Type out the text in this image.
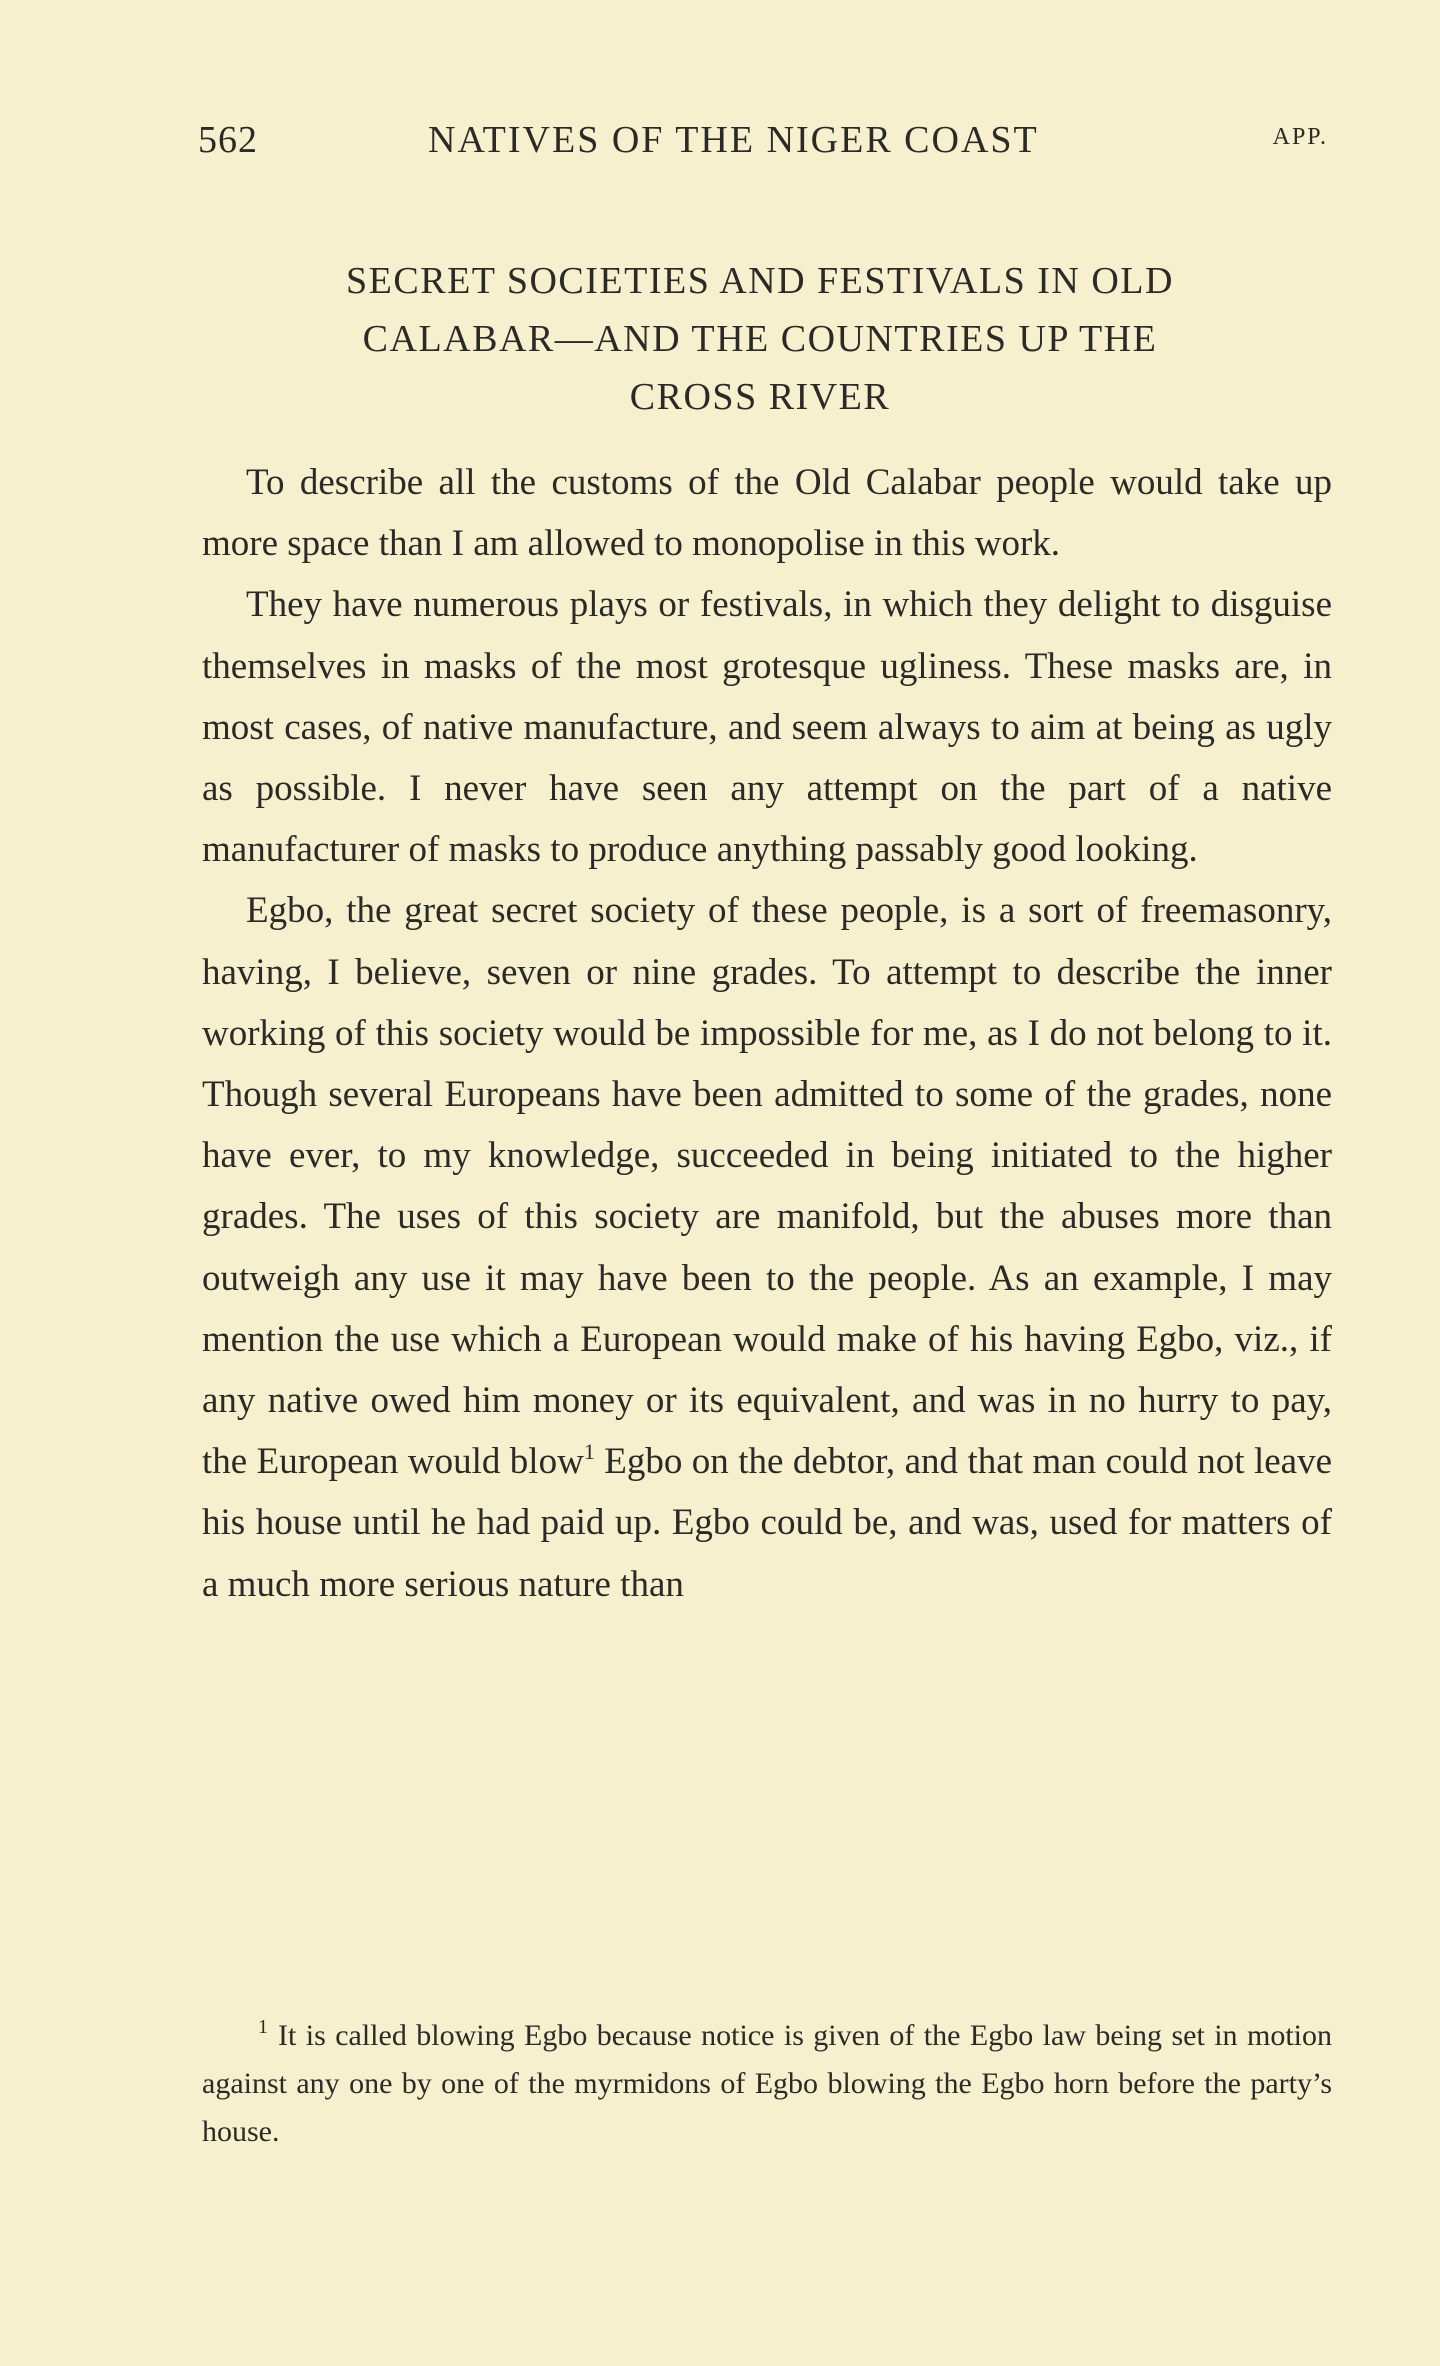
562	NATIVES OF THE NIGER COAST	APP.
SECRET SOCIETIES AND FESTIVALS IN OLD
CALABAR—AND THE COUNTRIES UP THE
CROSS RIVER

To describe all the customs of the Old Calabar people would take up more space than I am allowed to monopolise in this work.

They have numerous plays or festivals, in which they delight to disguise themselves in masks of the most grotesque ugliness. These masks are, in most cases, of native manufacture, and seem always to aim at being as ugly as possible. I never have seen any attempt on the part of a native manufacturer of masks to produce anything passably good looking.

Egbo, the great secret society of these people, is a sort of freemasonry, having, I believe, seven or nine grades. To attempt to describe the inner working of this society would be impossible for me, as I do not belong to it. Though several Europeans have been admitted to some of the grades, none have ever, to my knowledge, succeeded in being initiated to the higher grades. The uses of this society are manifold, but the abuses more than outweigh any use it may have been to the people. As an example, I may mention the use which a European would make of his having Egbo, viz., if any native owed him money or its equivalent, and was in no hurry to pay, the European would blow$^1$ Egbo on the debtor, and that man could not leave his house until he had paid up. Egbo could be, and was, used for matters of a much more serious nature than

$^1$ It is called blowing Egbo because notice is given of the Egbo law being set in motion against any one by one of the myrmidons of Egbo blowing the Egbo horn before the party’s house.
